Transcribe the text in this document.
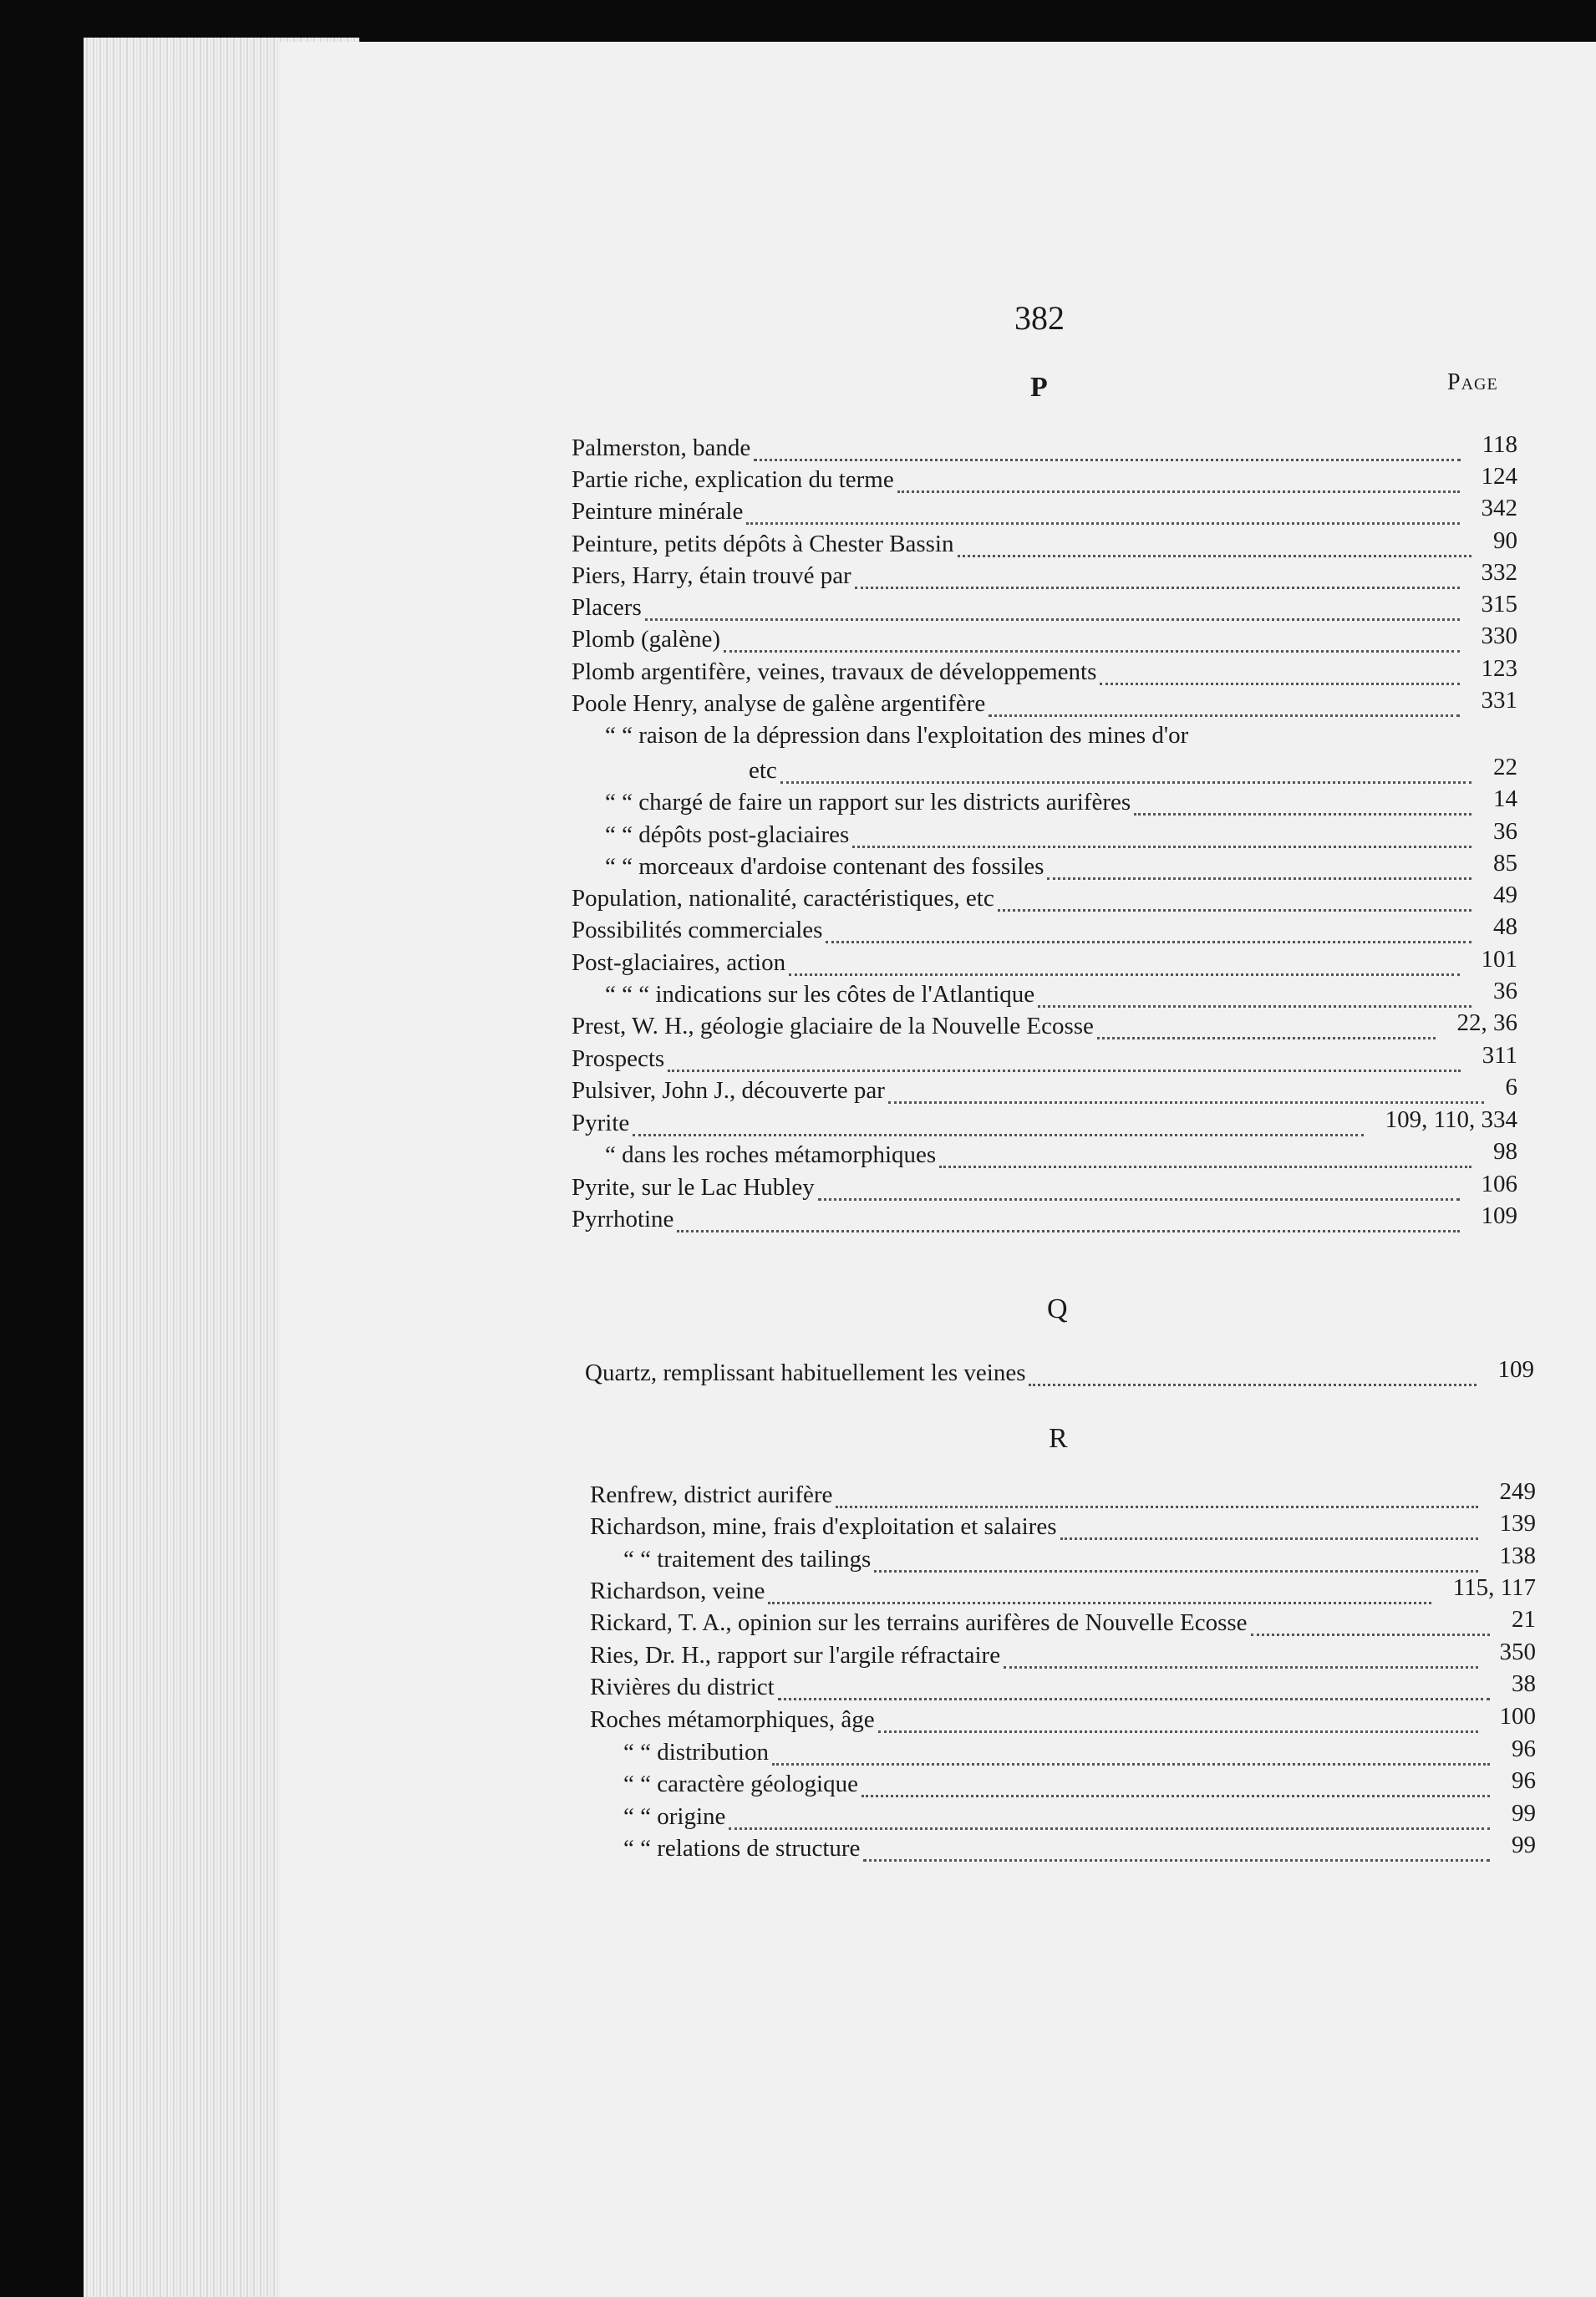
382
Page
P
Palmerston, bande	118
Partie riche, explication du terme	124
Peinture minérale	342
Peinture, petits dépôts à Chester Bassin	90
Piers, Harry, étain trouvé par	332
Placers	315
Plomb (galène)	330
Plomb argentifère, veines, travaux de développements	123
Poole Henry, analyse de galène argentifère	331
“ “ raison de la dépression dans l'exploitation des mines d'or
etc	22
“ “ chargé de faire un rapport sur les districts aurifères	14
“ “ dépôts post-glaciaires	36
“ “ morceaux d'ardoise contenant des fossiles	85
Population, nationalité, caractéristiques, etc	49
Possibilités commerciales	48
Post-glaciaires, action	101
“ “ “ indications sur les côtes de l'Atlantique	36
Prest, W. H., géologie glaciaire de la Nouvelle Ecosse	22, 36
Prospects	311
Pulsiver, John J., découverte par	6
Pyrite	109, 110, 334
“ dans les roches métamorphiques	98
Pyrite, sur le Lac Hubley	106
Pyrrhotine	109
Q
Quartz, remplissant habituellement les veines	109
R
Renfrew, district aurifère	249
Richardson, mine, frais d'exploitation et salaires	139
“ “ traitement des tailings	138
Richardson, veine	115, 117
Rickard, T. A., opinion sur les terrains aurifères de Nouvelle Ecosse	21
Ries, Dr. H., rapport sur l'argile réfractaire	350
Rivières du district	38
Roches métamorphiques, âge	100
“ “ distribution	96
“ “ caractère géologique	96
“ “ origine	99
“ “ relations de structure	99
